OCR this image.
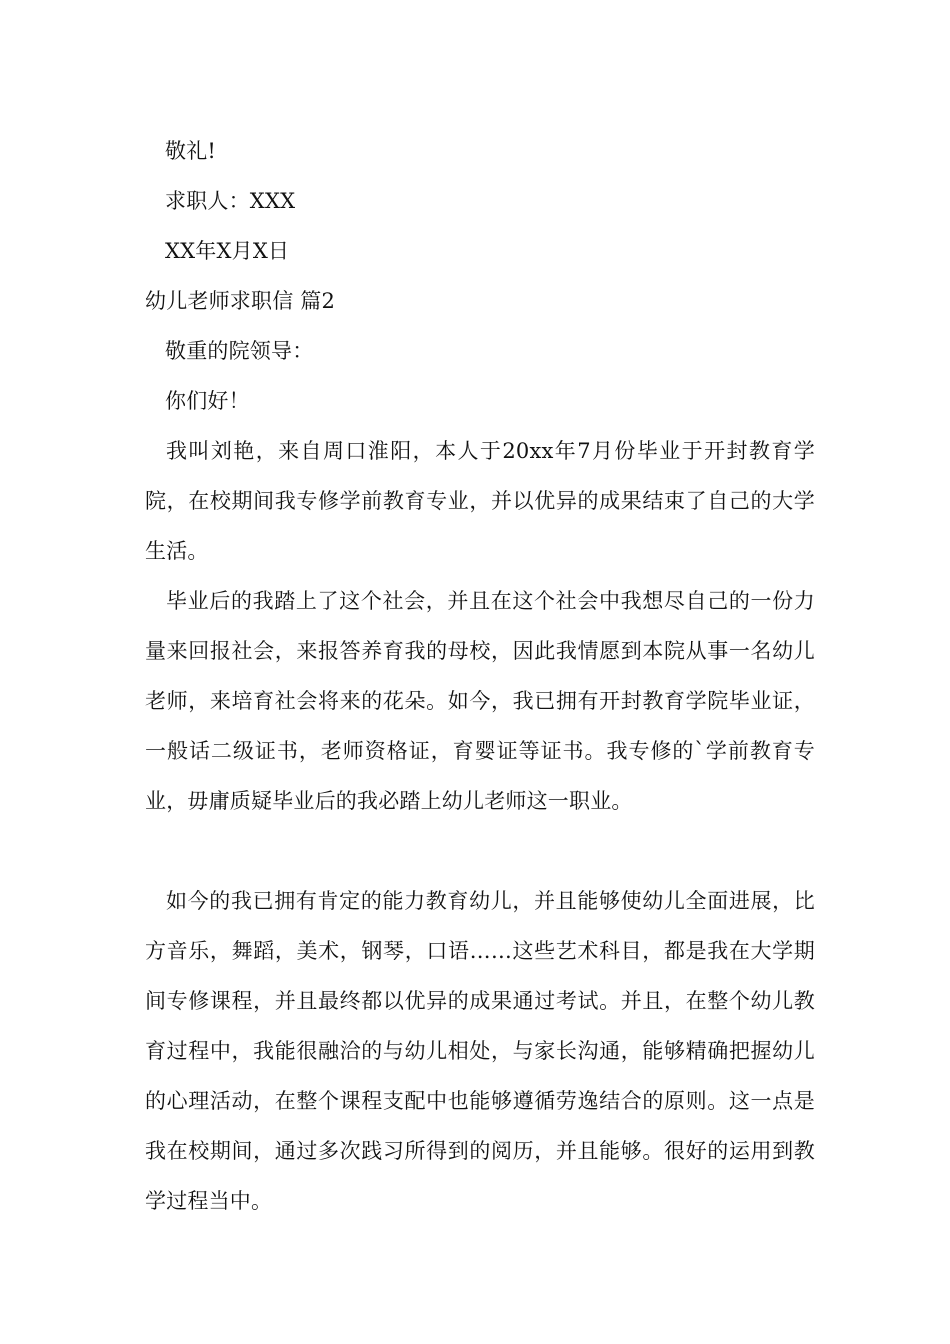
敬礼!
求职人：XXX
XX年X月X日
幼儿老师求职信 篇2
敬重的院领导：
你们好！
我叫刘艳，来自周口淮阳，本人于20xx年7月份毕业于开封教育学院，在校期间我专修学前教育专业，并以优异的成果结束了自己的大学生活。
毕业后的我踏上了这个社会，并且在这个社会中我想尽自己的一份力量来回报社会，来报答养育我的母校，因此我情愿到本院从事一名幼儿老师，来培育社会将来的花朵。如今，我已拥有开封教育学院毕业证，一般话二级证书，老师资格证，育婴证等证书。我专修的`学前教育专业，毋庸质疑毕业后的我必踏上幼儿老师这一职业。
如今的我已拥有肯定的能力教育幼儿，并且能够使幼儿全面进展，比方音乐，舞蹈，美术，钢琴，口语……这些艺术科目，都是我在大学期间专修课程，并且最终都以优异的成果通过考试。并且，在整个幼儿教育过程中，我能很融洽的与幼儿相处，与家长沟通，能够精确把握幼儿的心理活动，在整个课程支配中也能够遵循劳逸结合的原则。这一点是我在校期间，通过多次践习所得到的阅历，并且能够。很好的运用到教学过程当中。
